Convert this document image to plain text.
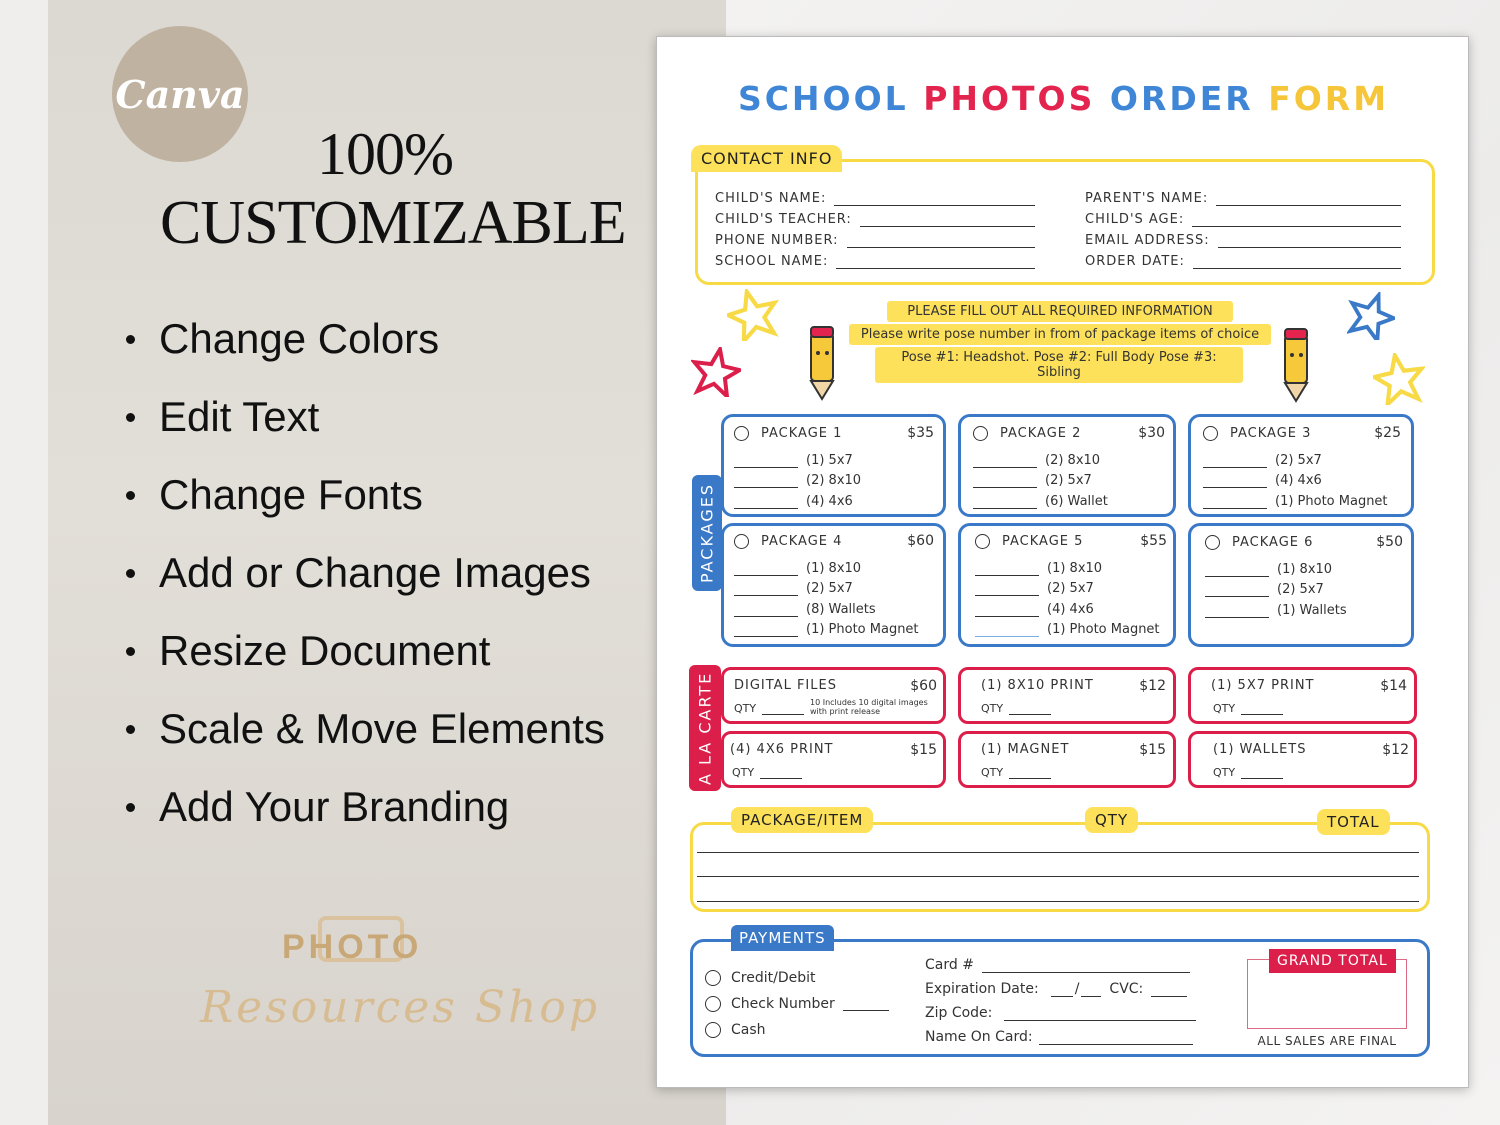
Canva
100%
CUSTOMIZABLE
Change Colors
Edit Text
Change Fonts
Add or Change Images
Resize Document
Scale & Move Elements
Add Your Branding
PHOTO
Resources Shop
SCHOOL PHOTOS ORDER FORM
CONTACT INFO
CHILD'S NAME:
CHILD'S TEACHER:
PHONE NUMBER:
SCHOOL NAME:
PARENT'S NAME:
CHILD'S AGE:
EMAIL ADDRESS:
ORDER DATE:
PLEASE FILL OUT ALL REQUIRED INFORMATION
Please write pose number in from of package items of choice
Pose #1: Headshot. Pose #2: Full Body Pose #3: Sibling
PACKAGES
PACKAGE 1	$35
(1) 5x7
(2) 8x10
(4) 4x6
PACKAGE 2	$30
(2) 8x10
(2) 5x7
(6) Wallet
PACKAGE 3	$25
(2) 5x7
(4) 4x6
(1) Photo Magnet
PACKAGE 4	$60
(1) 8x10
(2) 5x7
(8) Wallets
(1) Photo Magnet
PACKAGE 5	$55
(1) 8x10
(2) 5x7
(4) 4x6
(1) Photo Magnet
PACKAGE 6	$50
(1) 8x10
(2) 5x7
(1) Wallets
A LA CARTE	DIGITAL FILES	$60
QTY	10 Includes 10 digital images
with print release
(1) 8X10 PRINT	$12
QTY
(1) 5X7 PRINT	$14
QTY
(4) 4X6 PRINT	$15
QTY
(1) MAGNET	$15
QTY
(1) WALLETS	$12
QTY
PACKAGE/ITEM	QTY	TOTAL
PAYMENTS
Credit/Debit
Check Number
Cash
Card #
Expiration Date:	/ CVC:
Zip Code:
Name On Card:
GRAND TOTAL
ALL SALES ARE FINAL
